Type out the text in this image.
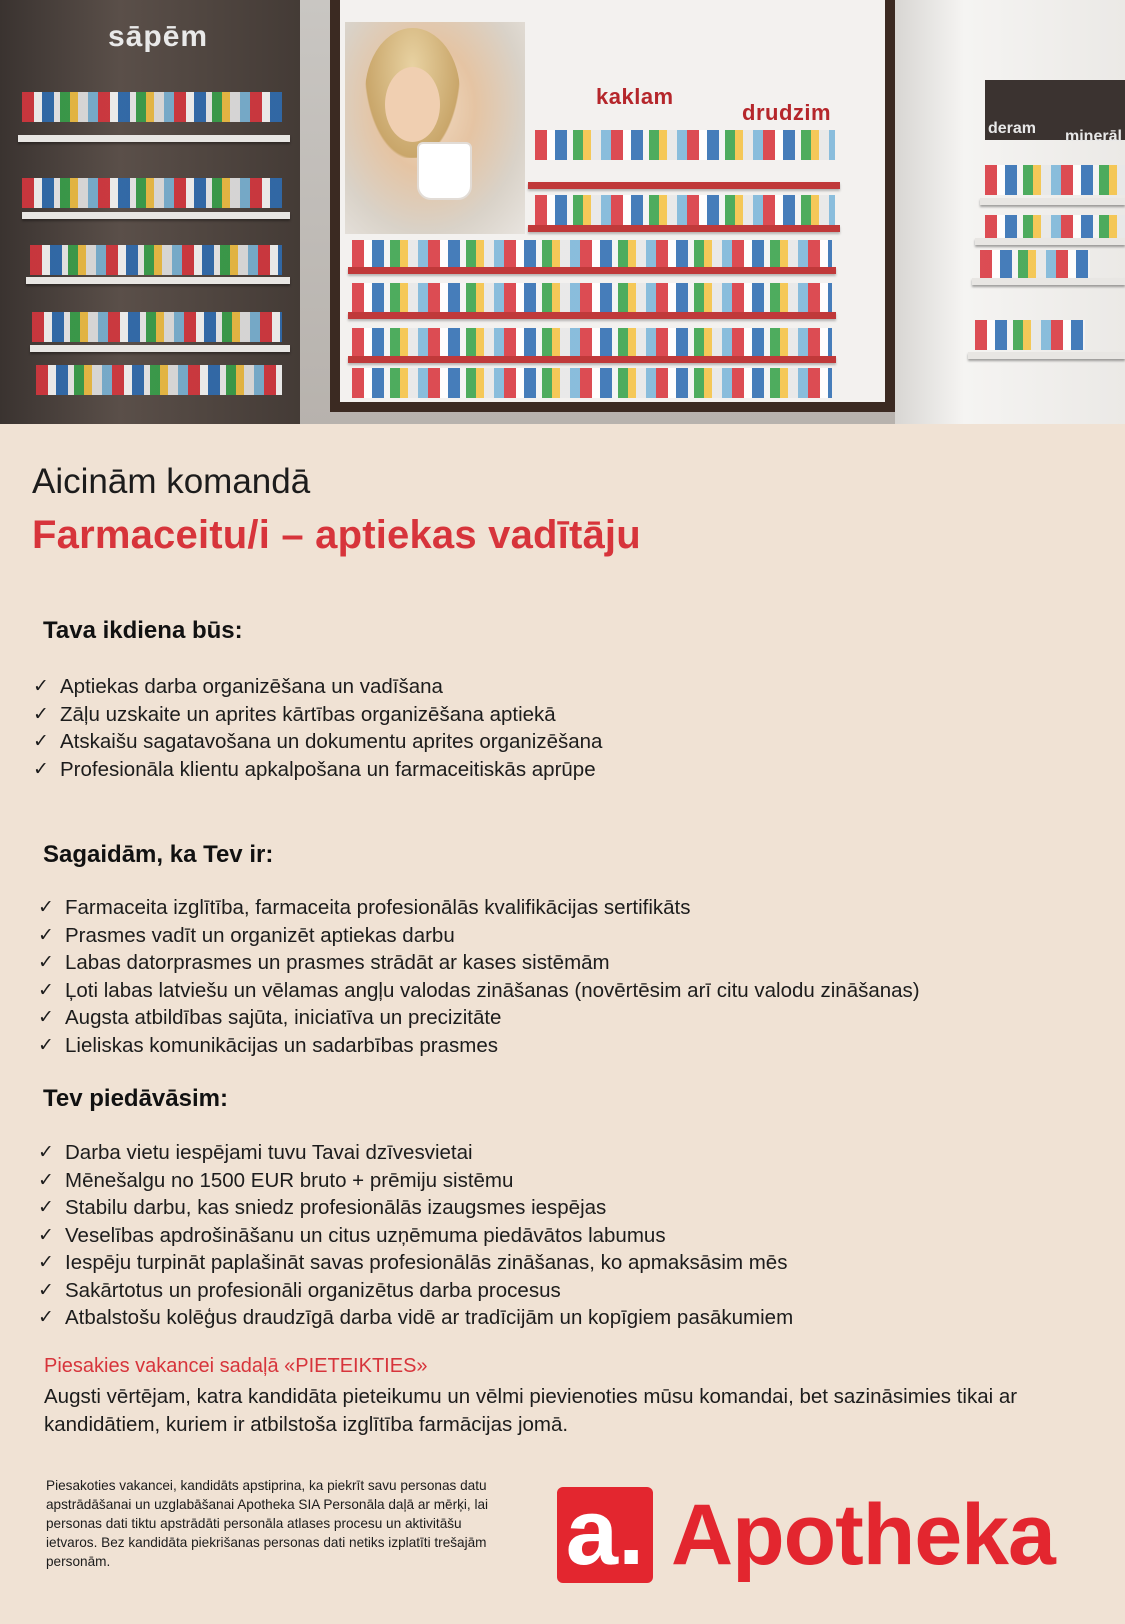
sāpēm
kaklam
drudzim
deram minerāl
Aicinām komandā
Farmaceitu/i – aptiekas vadītāju
Tava ikdiena būs:
✓ Aptiekas darba organizēšana un vadīšana
✓ Zāļu uzskaite un aprites kārtības organizēšana aptiekā
✓ Atskaišu sagatavošana un dokumentu aprites organizēšana
✓ Profesionāla klientu apkalpošana un farmaceitiskās aprūpe
Sagaidām, ka Tev ir:
✓ Farmaceita izglītība, farmaceita profesionālās kvalifikācijas sertifikāts
✓ Prasmes vadīt un organizēt aptiekas darbu
✓ Labas datorprasmes un prasmes strādāt ar kases sistēmām
✓ Ļoti labas latviešu un vēlamas angļu valodas zināšanas (novērtēsim arī citu valodu zināšanas)
✓ Augsta atbildības sajūta, iniciatīva un precizitāte
✓ Lieliskas komunikācijas un sadarbības prasmes
Tev piedāvāsim:
✓ Darba vietu iespējami tuvu Tavai dzīvesvietai
✓ Mēnešalgu no 1500 EUR bruto + prēmiju sistēmu
✓ Stabilu darbu, kas sniedz profesionālās izaugsmes iespējas
✓ Veselības apdrošināšanu un citus uzņēmuma piedāvātos labumus
✓ Iespēju turpināt paplašināt savas profesionālās zināšanas, ko apmaksāsim mēs
✓ Sakārtotus un profesionāli organizētus darba procesus
✓ Atbalstošu kolēģus draudzīgā darba vidē ar tradīcijām un kopīgiem pasākumiem
Piesakies vakancei sadaļā «PIETEIKTIES»
Augsti vērtējam, katra kandidāta pieteikumu un vēlmi pievienoties mūsu komandai, bet sazināsimies tikai ar kandidātiem, kuriem ir atbilstoša izglītība farmācijas jomā.
Piesakoties vakancei, kandidāts apstiprina, ka piekrīt savu personas datu apstrādāšanai un uzglabāšanai Apotheka SIA Personāla daļā ar mērķi, lai personas dati tiktu apstrādāti personāla atlases procesu un aktivitāšu ietvaros. Bez kandidāta piekrišanas personas dati netiks izplatīti trešajām personām.	a. Apotheka
